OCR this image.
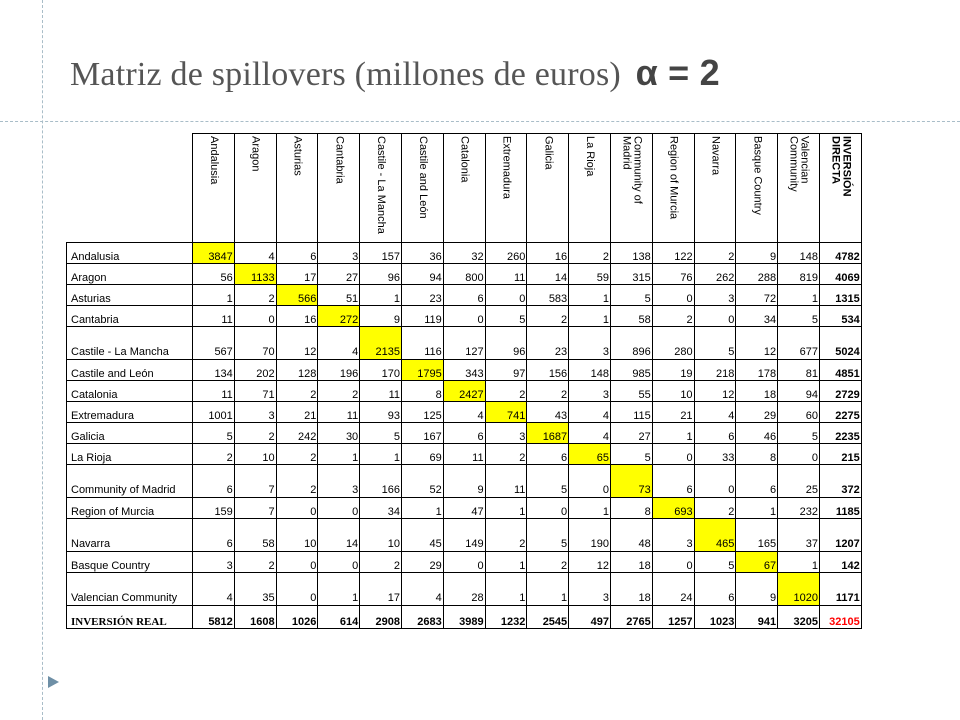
Matriz de spillovers (millones de euros) α = 2

	Andalusia	Aragon	Asturias	Cantabria	Castile - La Mancha	Castile and León	Catalonia	Extremadura	Galicia	La Rioja	Community of Madrid	Region of Murcia	Navarra	Basque Country	Valencian Community	INVERSIÓN DIRECTA

Andalusia	3847	4	6	3	157	36	32	260	16	2	138	122	2	9	148	4782
Aragon	56	1133	17	27	96	94	800	11	14	59	315	76	262	288	819	4069
Asturias	1	2	566	51	1	23	6	0	583	1	5	0	3	72	1	1315
Cantabria	11	0	16	272	9	119	0	5	2	1	58	2	0	34	5	534
Castile - La Mancha	567	70	12	4	2135	116	127	96	23	3	896	280	5	12	677	5024
Castile and León	134	202	128	196	170	1795	343	97	156	148	985	19	218	178	81	4851
Catalonia	11	71	2	2	11	8	2427	2	2	3	55	10	12	18	94	2729
Extremadura	1001	3	21	11	93	125	4	741	43	4	115	21	4	29	60	2275
Galicia	5	2	242	30	5	167	6	3	1687	4	27	1	6	46	5	2235
La Rioja	2	10	2	1	1	69	11	2	6	65	5	0	33	8	0	215
Community of Madrid	6	7	2	3	166	52	9	11	5	0	73	6	0	6	25	372
Region of Murcia	159	7	0	0	34	1	47	1	0	1	8	693	2	1	232	1185
Navarra	6	58	10	14	10	45	149	2	5	190	48	3	465	165	37	1207
Basque Country	3	2	0	0	2	29	0	1	2	12	18	0	5	67	1	142
Valencian Community	4	35	0	1	17	4	28	1	1	3	18	24	6	9	1020	1171
INVERSIÓN REAL	5812	1608	1026	614	2908	2683	3989	1232	2545	497	2765	1257	1023	941	3205	32105
